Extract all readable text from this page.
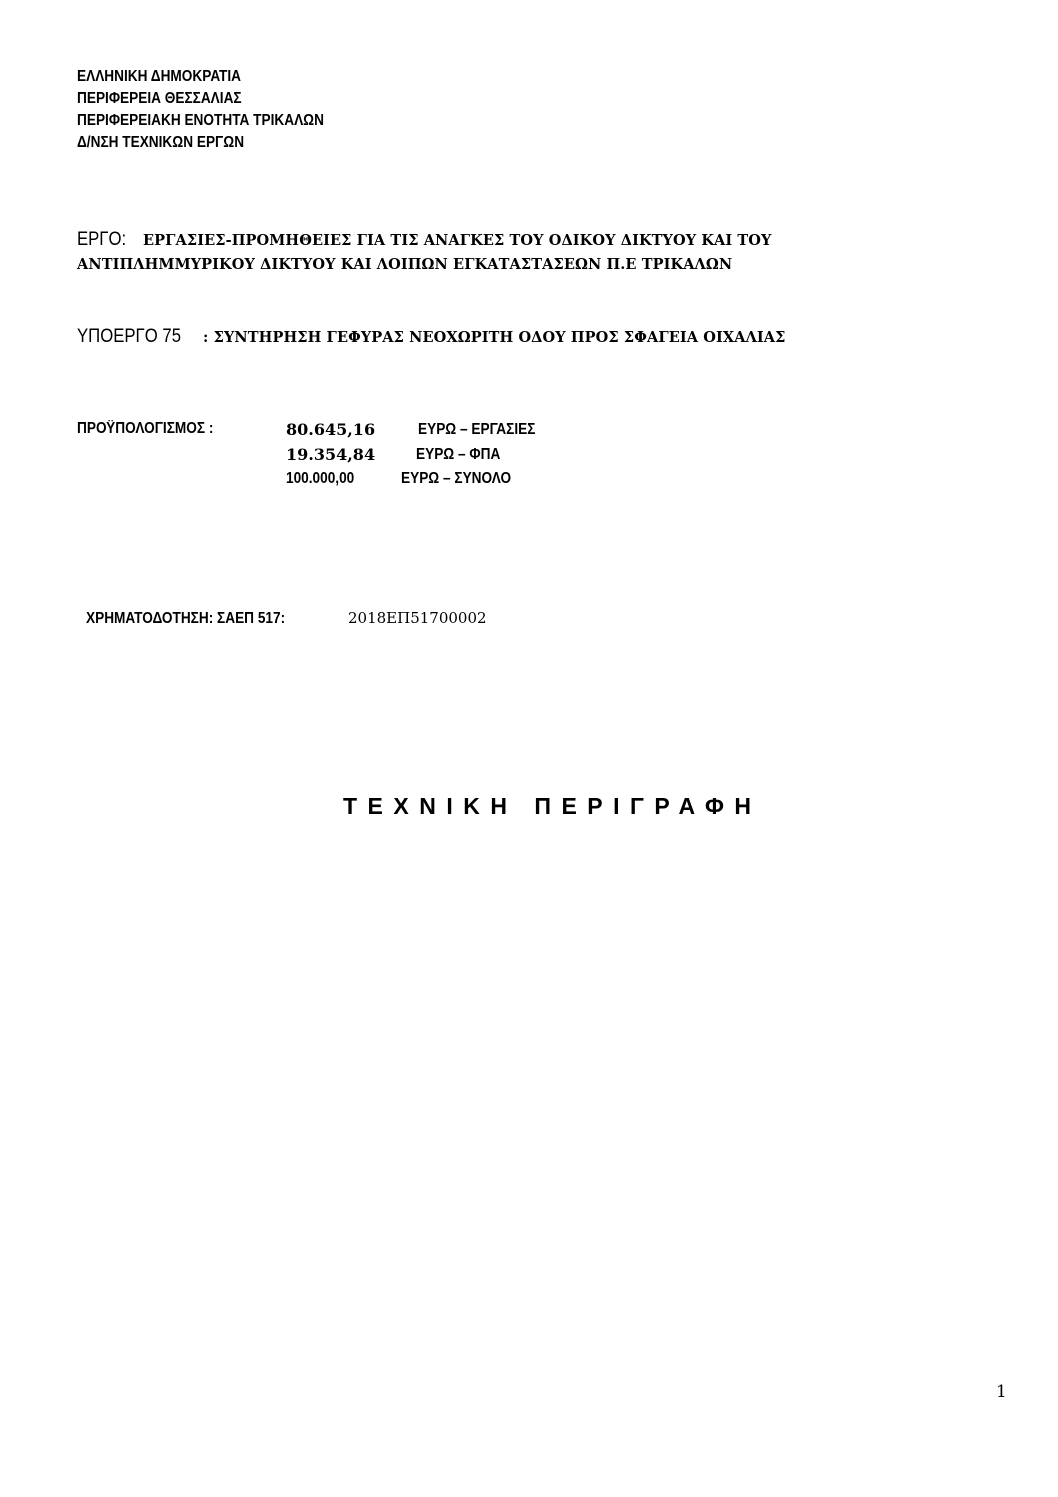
ΕΛΛΗΝΙΚΗ ΔΗΜΟΚΡΑΤΙΑ
ΠΕΡΙΦΕΡΕΙΑ ΘΕΣΣΑΛΙΑΣ
ΠΕΡΙΦΕΡΕΙΑΚΗ ΕΝΟΤΗΤΑ ΤΡΙΚΑΛΩΝ
Δ/ΝΣΗ ΤΕΧΝΙΚΩΝ ΕΡΓΩΝ
ΕΡΓΟ: ΕΡΓΑΣΙΕΣ-ΠΡΟΜΗΘΕΙΕΣ ΓΙΑ ΤΙΣ ΑΝΑΓΚΕΣ ΤΟΥ ΟΔΙΚΟΥ ΔΙΚΤΥΟΥ ΚΑΙ ΤΟΥ
ΑΝΤΙΠΛΗΜΜΥΡΙΚΟΥ ΔΙΚΤΥΟΥ ΚΑΙ ΛΟΙΠΩΝ ΕΓΚΑΤΑΣΤΑΣΕΩΝ Π.Ε ΤΡΙΚΑΛΩΝ
ΥΠΟΕΡΓΟ 75 : ΣΥΝΤΗΡΗΣΗ ΓΕΦΥΡΑΣ ΝΕΟΧΩΡΙΤΗ ΟΔΟΥ ΠΡΟΣ ΣΦΑΓΕΙΑ ΟΙΧΑΛΙΑΣ
ΠΡΟΫΠΟΛΟΓΙΣΜΟΣ :	80.645,16	ΕΥΡΩ – ΕΡΓΑΣΙΕΣ
19.354,84	ΕΥΡΩ – ΦΠΑ
100.000,00	ΕΥΡΩ – ΣΥΝΟΛΟ
ΧΡΗΜΑΤΟΔΟΤΗΣΗ: ΣΑΕΠ 517:	2018ΕΠ51700002
ΤΕΧΝΙΚΗ ΠΕΡΙΓΡΑΦΗ
1
